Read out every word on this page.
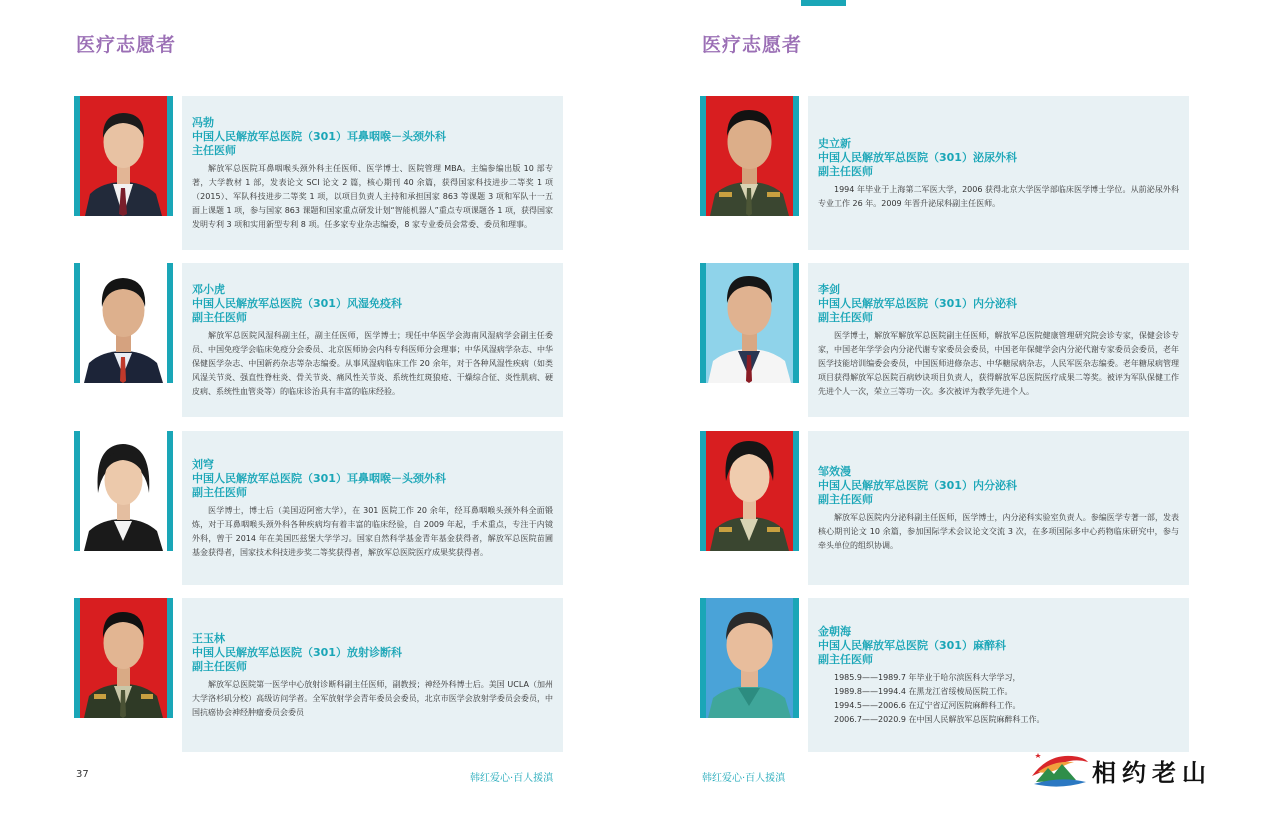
医疗志愿者

冯勃

中国人民解放军总医院（301）耳鼻咽喉－头颈外科

主任医师

解放军总医院耳鼻咽喉头颈外科主任医师、医学博士、医院管理 MBA。主编参编出版 10 部专著，大学教材 1 部，发表论文 SCI 论文 2 篇，核心期刊 40 余篇，获得国家科技进步二等奖 1 项（2015）、军队科技进步二等奖 1 项，以项目负责人主持和承担国家 863 等课题 3 项和军队十一五面上课题 1 项，参与国家 863 课题和国家重点研发计划“智能机器人”重点专项课题各 1 项，获得国家发明专利 3 项和实用新型专利 8 项。任多家专业杂志编委，8 家专业委员会常委、委员和理事。

邓小虎

中国人民解放军总医院（301）风湿免疫科

副主任医师

解放军总医院风湿科副主任，副主任医师，医学博士；现任中华医学会海南风湿病学会副主任委员、中国免疫学会临床免疫分会委员、北京医师协会内科专科医师分会理事；中华风湿病学杂志、中华保健医学杂志、中国新药杂志等杂志编委。从事风湿病临床工作 20 余年，对于各种风湿性疾病（如类风湿关节炎、强直性脊柱炎、骨关节炎、痛风性关节炎、系统性红斑狼疮、干燥综合征、炎性肌病、硬皮病、系统性血管炎等）的临床诊治具有丰富的临床经验。

刘穹

中国人民解放军总医院（301）耳鼻咽喉－头颈外科

副主任医师

医学博士，博士后（美国迈阿密大学），在 301 医院工作 20 余年，经耳鼻咽喉头颈外科全面锻炼，对于耳鼻咽喉头颈外科各种疾病均有着丰富的临床经验，自 2009 年起，手术重点，专注于内镜外科，曾于 2014 年在美国匹兹堡大学学习。国家自然科学基金青年基金获得者，解放军总医院苗圃基金获得者，国家技术科技进步奖二等奖获得者，解放军总医院医疗成果奖获得者。

王玉林

中国人民解放军总医院（301）放射诊断科

副主任医师

解放军总医院第一医学中心放射诊断科副主任医师，副教授；神经外科博士后。美国 UCLA（加州大学洛杉矶分校）高级访问学者。全军放射学会青年委员会委员，北京市医学会放射学委员会委员，中国抗癌协会神经肿瘤委员会委员

37	韩红爱心·百人援滇
医疗志愿者

史立新

中国人民解放军总医院（301）泌尿外科

副主任医师

1994 年毕业于上海第二军医大学，2006 获得北京大学医学部临床医学博士学位。从前泌尿外科专业工作 26 年。2009 年晋升泌尿科副主任医师。

李剑

中国人民解放军总医院（301）内分泌科

副主任医师

医学博士，解放军解放军总医院副主任医师，解放军总医院健康管理研究院会诊专家，保健会诊专家，中国老年学学会内分泌代谢专家委员会委员，中国老年保健学会内分泌代谢专家委员会委员，老年医学技能培训编委会委员，中国医师进修杂志、中华糖尿病杂志，人民军医杂志编委。老年糖尿病管理项目获得解放军总医院百病妙诀项目负责人，获得解放军总医院医疗成果二等奖。被评为军队保健工作先进个人一次，荣立三等功一次。多次被评为教学先进个人。

邹效漫

中国人民解放军总医院（301）内分泌科

副主任医师

解放军总医院内分泌科副主任医师，医学博士，内分泌科实验室负责人。参编医学专著一部，发表核心期刊论文 10 余篇，参加国际学术会议论文交流 3 次，在多项国际多中心药物临床研究中，参与牵头单位的组织协调。

金朝海

中国人民解放军总医院（301）麻醉科

副主任医师

1985.9——1989.7 年毕业于哈尔滨医科大学学习，
1989.8——1994.4 在黑龙江省绥棱局医院工作。
1994.5——2006.6 在辽宁省辽河医院麻醉科工作。
2006.7——2020.9 在中国人民解放军总医院麻醉科工作。
韩红爱心·百人援滇	相约老山
